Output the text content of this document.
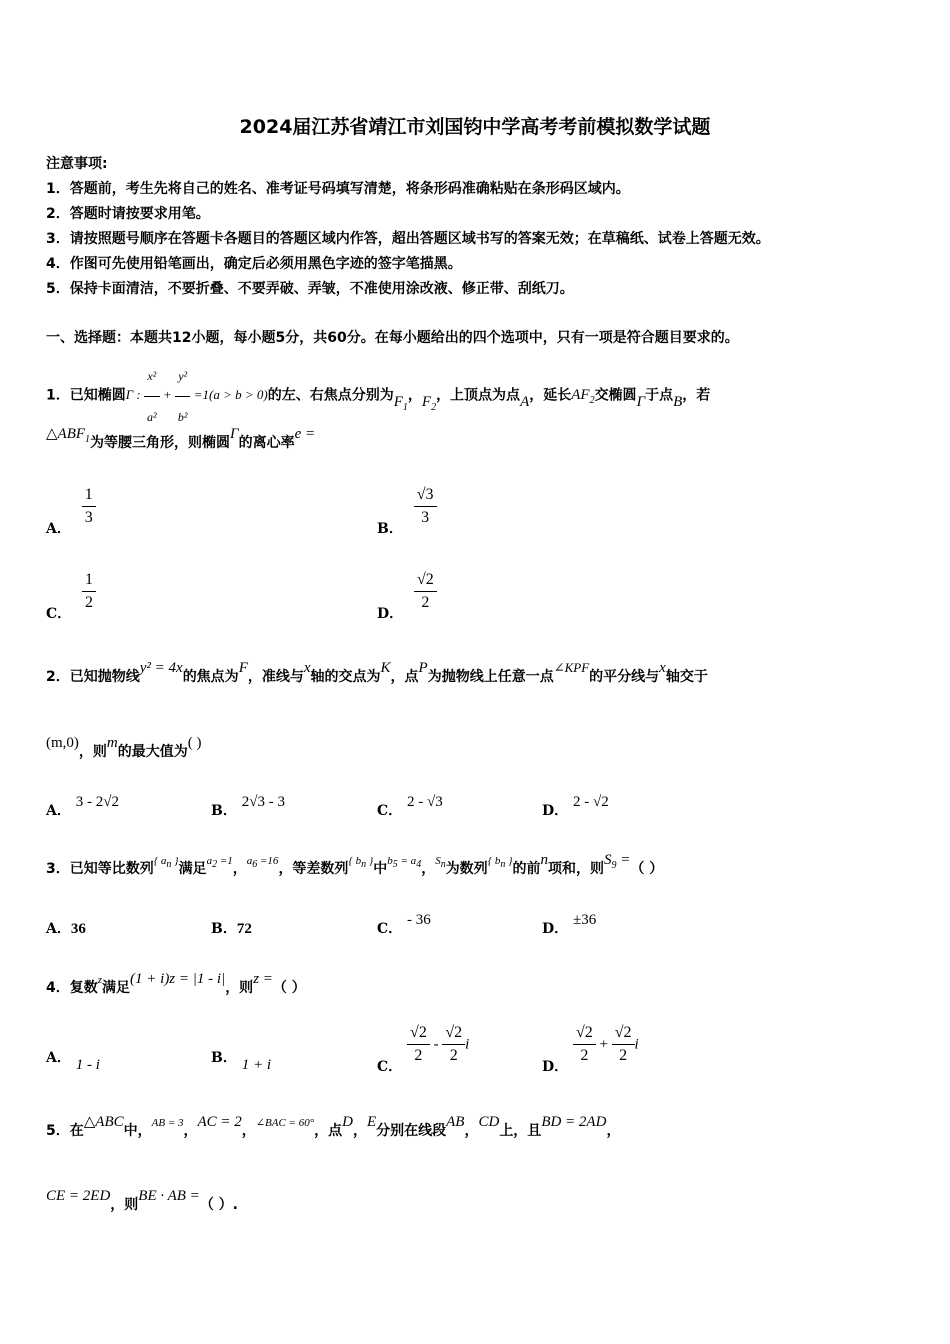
2024届江苏省靖江市刘国钧中学高考考前模拟数学试题
注意事项:
1．答题前，考生先将自己的姓名、准考证号码填写清楚，将条形码准确粘贴在条形码区域内。
2．答题时请按要求用笔。
3．请按照题号顺序在答题卡各题目的答题区域内作答，超出答题区域书写的答案无效；在草稿纸、试卷上答题无效。
4．作图可先使用铅笔画出，确定后必须用黑色字迹的签字笔描黑。
5．保持卡面清洁，不要折叠、不要弄破、弄皱，不准使用涂改液、修正带、刮纸刀。
一、选择题：本题共12小题，每小题5分，共60分。在每小题给出的四个选项中，只有一项是符合题目要求的。
1．已知椭圆Γ : $\frac{\text{x²}}{\text{a²}} + \frac{\text{y²}}{\text{b²}} =1(a > b > 0)$的左、右焦点分别为$F_1$，$F_2$，上顶点为点A，延长$AF_2$交椭圆Γ于点B，若
$\triangle ABF_1$为等腰三角形，则椭圆Γ的离心率e =
A．
$\frac{1}{3}$
B．
$\frac{√3}{3}$
C．
$\frac{1}{2}$
D．
$\frac{√2}{2}$
2．已知抛物线y² = 4x的焦点为F，准线与x轴的交点为K，点P为抛物线上任意一点∠KPF的平分线与x轴交于
(m,0)，则m的最大值为( )
A． 3 - 2√2
B． 2√3 - 3
C． 2 - √3
D． 2 - √2
3．已知等比数列$^{\{ a_n \}}$满足$^{a_2 =1}$，$^{a_6 =16}$，等差数列$^{\{ b_n \}}$中$^{b_5 = a_4}$，$^{S_n}$为数列$^{\{ b_n \}}$的前n项和，则$S_9$ =（ ）
A．36	B．72	C． - 36
D． ±36
4．复数$^z$满足(1 + i)z = |1 - i|，则z =（ ）
A． 1 - i	B． 1 + i	C．
$\frac{√2}{2} - \frac{√2}{2}$ i
D．
$\frac{√2}{2} + \frac{√2}{2}$ i
5．在△ABC中，$^{AB = 3}$，AC = 2，$^{\angle BAC = 60^\circ}$，点D，E分别在线段AB，CD上，且BD = 2AD，
CE = 2ED，则BE · AB =（ ）.
